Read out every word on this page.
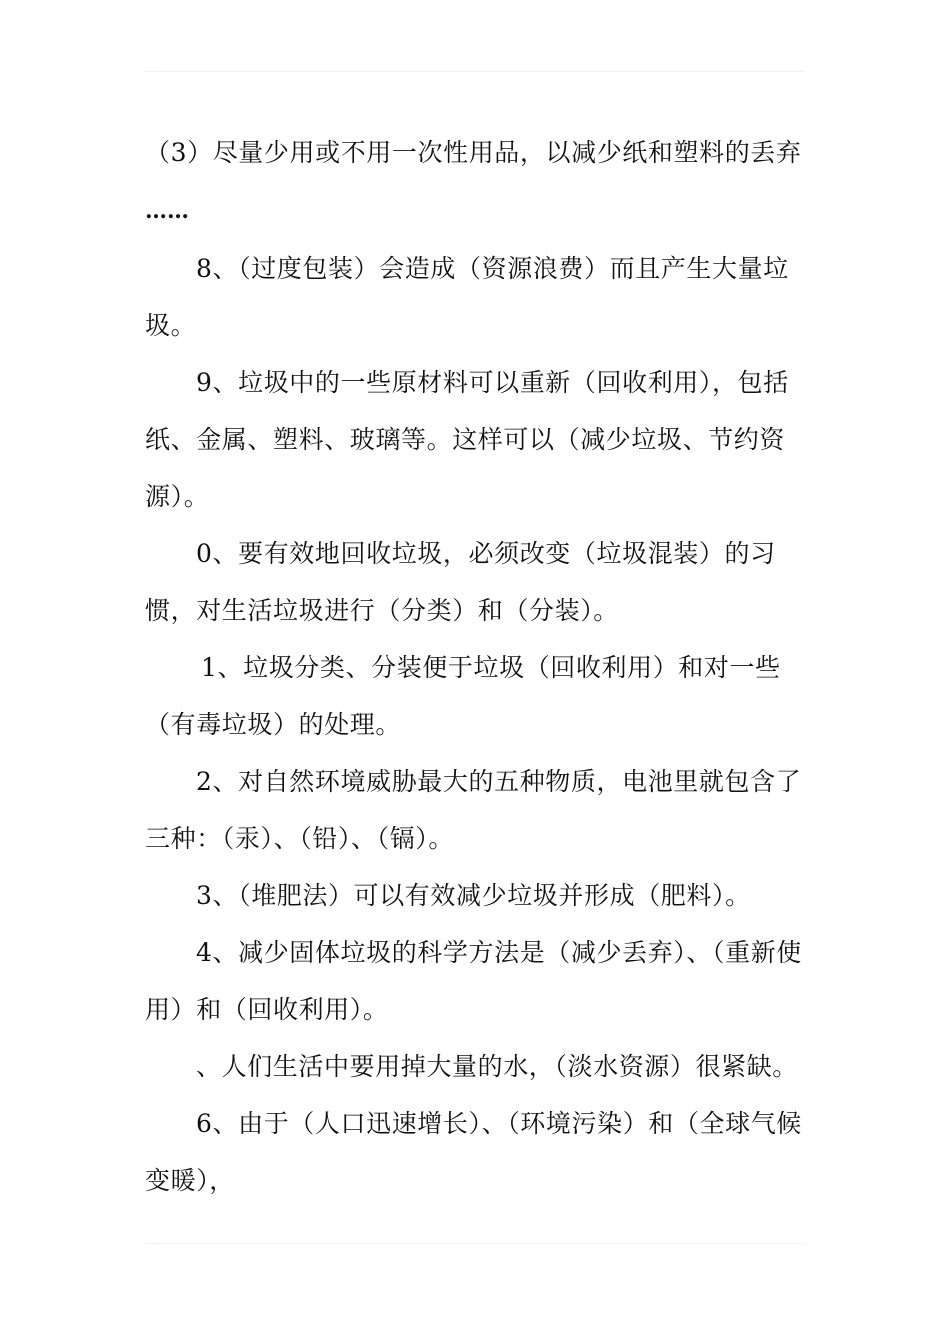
（3）尽量少用或不用一次性用品，以减少纸和塑料的丢弃
……

8、（过度包装）会造成（资源浪费）而且产生大量垃圾。

9、垃圾中的一些原材料可以重新（回收利用），包括纸、金属、塑料、玻璃等。这样可以（减少垃圾、节约资源）。

0、要有效地回收垃圾，必须改变（垃圾混装）的习惯，对生活垃圾进行（分类）和（分装）。

1、垃圾分类、分装便于垃圾（回收利用）和对一些（有毒垃圾）的处理。

2、对自然环境威胁最大的五种物质，电池里就包含了三种：（汞）、（铅）、（镉）。

3、（堆肥法）可以有效减少垃圾并形成（肥料）。

4、减少固体垃圾的科学方法是（减少丢弃）、（重新使用）和（回收利用）。

、人们生活中要用掉大量的水，（淡水资源）很紧缺。

6、由于（人口迅速增长）、（环境污染）和（全球气候变暖），
